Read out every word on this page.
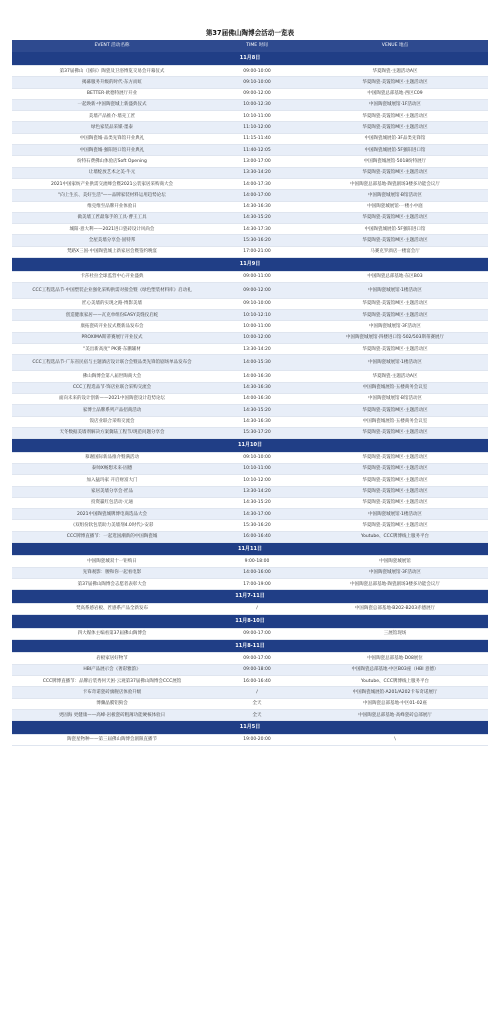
第37届佛山陶博会活动一览表
EVENT 活动名称	TIME 时间	VENUE 地点
11月8日		
第37届佛山（国际）陶瓷及卫浴博览交易会开幕仪式	09:00-10:00	华夏陶瓷·主题活动A区
揭幕服务升级的时代·东方而虹	09:10-10:00	华夏陶瓷·美馐馆M区·主题活动区
BETTER·欧德特展厅开业	09:00-12:00	中国陶瓷总部基地·西区C09
一起焕新·中国陶瓷城上新盛典仪式	10:00-12:30	中国陶瓷城展馆·1F活动区
美墙产品推介·墙壳工匠	10:10-11:00	华夏陶瓷·美馐馆M区·主题活动区
绿色家装品采媒·墨泰	11:10-12:00	华夏陶瓷·美馐馆M区·主题活动区
中国陶瓷城·品类先锋馆开业典礼	11:15-11:40	中国陶瓷城展馆·3F品类先锋馆
中国陶瓷城·强阳进口馆开业典礼	11:40-12:05	中国陶瓷城展馆·5F强阳进口馆
纷特石费佛山体验店Soft Opening	13:00-17:00	中国陶瓷城展馆·5018纷特展厅
让墙绽放艺术之美·牛元	13:30-14:20	华夏陶瓷·美馐馆M区·主题活动区
2021中国家纺产业供需交流峰会暨2021公装家居采购商大会	14:00-17:30	中国陶瓷总部基地·陶瓷剧场3楼多功能会议厅
"向上生长、美好生活"——品牌家装材料运用趋势论坛	14:00-17:00	中国陶瓷城展馆·B馆活动区
维克维至品牌开业体验日	14:30-16:30	中国陶瓷城展馆·一楼小中庭
做美墙工匠最靠手的工具·曹王工具	14:30-15:20	华夏陶瓷·美馐馆M区·主题活动区
城阳·意大利——2021进口瓷砖设计风尚会	14:30-17:30	中国陶瓷城展馆·5F强阳进口馆
全屋美墙分享会·固特邦	15:30-16:20	华夏陶瓷·美馐馆M区·主题活动区
梵路X三国·中国陶瓷城上新家居会暨签约晚宴	17:00-21:00	马赛克罗酒店一楼宴会厅
11月9日		
卡莎杜拉全球监营中心开业盛典	09:00-11:00	中国陶瓷总部基地·东区B03
CCC工程选品节·中国塑装企业强化采购供需对接会暨《绿色塑装材料库》启动礼	09:00-12:00	中国陶瓷城展馆·1楼活动区
匠心美墙的实现之路·博影美墙	09:10-10:00	华夏陶瓷·美馐馆M区·主题活动区
创造健康家居——瓦克单组份EASY美缝仪启蛇	10:10-12:10	华夏陶瓷·美馐馆M区·主题活动区
康拓瓷砖开业仪式暨新品发布会	10:00-11:00	中国陶瓷城展馆·3F活动区
PROXIMA斯蒂赛展厅开业仪式	10:00-12:00	中国陶瓷城展馆·四楼进口馆·502/503斯蒂赛展厅
"美出新高度" PK赛·东鹏辅材	13:30-14:20	华夏陶瓷·美馐馆M区·主题活动区
CCC工程选品节·广东省民宿与主题酒店设计联合会暨品类先锋馆剧场单品发布会	14:00-15:30	中国陶瓷城展馆·1楼活动区
佛山陶博会第八届世陶商大会	14:00-16:30	华夏陶瓷·主题活动A区
CCC工程选品节·饰店业联合采购交流会	14:30-16:30	中国陶瓷城展馆·五楼商务会议室
面向未来的设计创新——2021中国陶瓷设计趋势论坛	14:00-16:30	中国陶瓷城展馆·B馆活动区
家博士品牌系列产品招商活动	14:30-15:20	华夏陶瓷·美馐馆M区·主题活动区
饭店业联合采购交流会	14:30-16:30	中国陶瓷城展馆·五楼商务会议室
天冬数据美墙剂解决方案冀陆工程节/现范问题分享会	15:30-17:20	华夏陶瓷·美馐馆M区·主题活动区
11月10日		
慕谢国际新品推介暨满活动	09:10-10:00	华夏陶瓷·美馐馆M区·主题活动区
泰帅X畅想未来·固德	10:10-11:00	华夏陶瓷·美馐馆M区·主题活动区
加入猛玛家 开启财富大门	10:10-12:00	华夏陶瓷·美馐馆M区·主题活动区
家居美墙分享会·匠品	13:30-14:20	华夏陶瓷·美馐馆M区·主题活动区
投资赢红包活动·元通	14:30-15:20	华夏陶瓷·美馐馆M区·主题活动区
2021中国陶瓷城牌博电商选品大会	14:30-17:00	中国陶瓷城展馆·1楼活动区
《双组份软包装助力美墙剂4.0时代》·安彩	15:30-16:20	华夏陶瓷·美馐馆M区·主题活动区
CCC牌博直播节：一起逛国潮新的中国陶瓷城	16:00-16:40	Youtube、CCC牌博线上服务平台
11月11日		
中国陶瓷城双十一钜购日	9:00-18:00	中国陶瓷城展馆
先锋观影：腰和你一起看电影	14:00-16:00	中国陶瓷城展馆·3F活动区
第37届佛山陶博会志愿者表彰大会	17:00-19:00	中国陶瓷总部基地·陶瓷剧场3楼多功能会议厅
11月7-11日		
梵高系感岩板、匠感系产品全新发布	/	中国陶瓷总部基地·B202-B203赤德展厅
11月8-10日		
四大媒体主编看第37届佛山陶博会	09:00-17:00	三展馆现场
11月8-11日		
岩板家居好物节	09:00-17:00	中国陶瓷总部基地·D08展位
HBI产品展示会《奢彩雅韵》	09:00-18:00	中国陶瓷总部基地·中区B03座（HBI 意德）
CCC牌博直播节：品牌后装秀何天困·云观第37届佛山陶博会CCC展馆	16:00-16:40	Youtube、CCC牌博线上服务平台
卡布奇诺瓷砖旗舰店体验升级	/	中国陶瓷城展馆·A201/A202卡布奇诺展厅
博骤晶膜铝狗会	全天	中国陶瓷总部基地·中区01-02座
更固海 更健康——高峰·岩板瓷砖粗薄功能硬核体验日	全天	中国陶瓷总部基地·高峰瓷砖总部展厅
11月5日		
陶瓷星物种——第三届佛山陶博会剧限直播节	19:00-20:00	\
